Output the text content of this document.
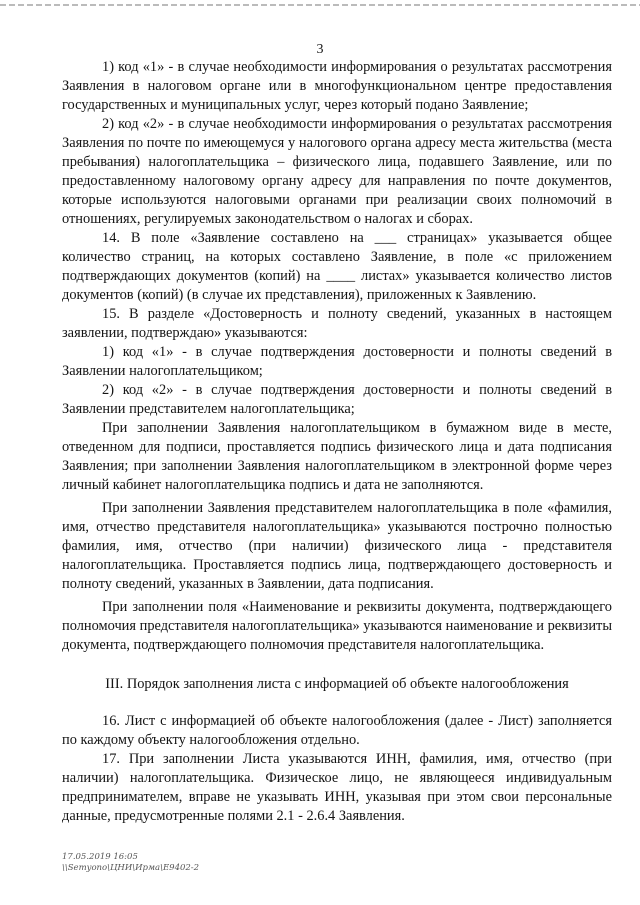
3

1) код «1» - в случае необходимости информирования о результатах рассмотрения Заявления в налоговом органе или в многофункциональном центре предоставления государственных и муниципальных услуг, через который подано Заявление;

2) код «2» - в случае необходимости информирования о результатах рассмотрения Заявления по почте по имеющемуся у налогового органа адресу места жительства (места пребывания) налогоплательщика – физического лица, подавшего Заявление, или по предоставленному налоговому органу адресу для направления по почте документов, которые используются налоговыми органами при реализации своих полномочий в отношениях, регулируемых законодательством о налогах и сборах.

14. В поле «Заявление составлено на ___ страницах» указывается общее количество страниц, на которых составлено Заявление, в поле «с приложением подтверждающих документов (копий) на ____ листах» указывается количество листов документов (копий) (в случае их представления), приложенных к Заявлению.

15. В разделе «Достоверность и полноту сведений, указанных в настоящем заявлении, подтверждаю» указываются:

1) код «1» - в случае подтверждения достоверности и полноты сведений в Заявлении налогоплательщиком;

2) код «2» - в случае подтверждения достоверности и полноты сведений в Заявлении представителем налогоплательщика;

При заполнении Заявления налогоплательщиком в бумажном виде в месте, отведенном для подписи, проставляется подпись физического лица и дата подписания Заявления; при заполнении Заявления налогоплательщиком в электронной форме через личный кабинет налогоплательщика подпись и дата не заполняются.

При заполнении Заявления представителем налогоплательщика в поле «фамилия, имя, отчество представителя налогоплательщика» указываются построчно полностью фамилия, имя, отчество (при наличии) физического лица - представителя налогоплательщика. Проставляется подпись лица, подтверждающего достоверность и полноту сведений, указанных в Заявлении, дата подписания.

При заполнении поля «Наименование и реквизиты документа, подтверждающего полномочия представителя налогоплательщика» указываются наименование и реквизиты документа, подтверждающего полномочия представителя налогоплательщика.

III. Порядок заполнения листа с информацией об объекте налогообложения

16. Лист с информацией об объекте налогообложения (далее - Лист) заполняется по каждому объекту налогообложения отдельно.

17. При заполнении Листа указываются ИНН, фамилия, имя, отчество (при наличии) налогоплательщика. Физическое лицо, не являющееся индивидуальным предпринимателем, вправе не указывать ИНН, указывая при этом свои персональные данные, предусмотренные полями 2.1 - 2.6.4 Заявления.

17.05.2019 16:05
\\Semyono\ЦНИ\Ирма\Е9402-2
